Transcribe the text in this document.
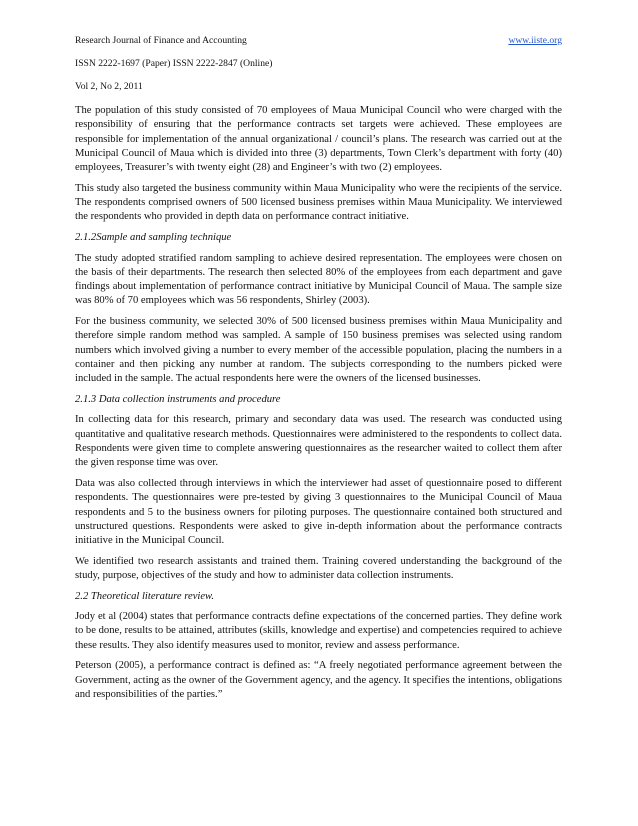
Research Journal of Finance and Accounting	www.iiste.org
ISSN 2222-1697 (Paper) ISSN 2222-2847 (Online)
Vol 2, No 2, 2011

The population of this study consisted of 70 employees of Maua Municipal Council who were charged with the responsibility of ensuring that the performance contracts set targets were achieved. These employees are responsible for implementation of the annual organizational / council’s plans. The research was carried out at the Municipal Council of Maua which is divided into three (3) departments, Town Clerk’s department with forty (40) employees, Treasurer’s with twenty eight (28) and Engineer’s with two (2) employees.

This study also targeted the business community within Maua Municipality who were the recipients of the service. The respondents comprised owners of 500 licensed business premises within Maua Municipality. We interviewed the respondents who provided in depth data on performance contract initiative.

2.1.2Sample and sampling technique

The study adopted stratified random sampling to achieve desired representation. The employees were chosen on the basis of their departments. The research then selected 80% of the employees from each department and gave findings about implementation of performance contract initiative by Municipal Council of Maua. The sample size was 80% of 70 employees which was 56 respondents, Shirley (2003).

For the business community, we selected 30% of 500 licensed business premises within Maua Municipality and therefore simple random method was sampled. A sample of 150 business premises was selected using random numbers which involved giving a number to every member of the accessible population, placing the numbers in a container and then picking any number at random. The subjects corresponding to the numbers picked were included in the sample. The actual respondents here were the owners of the licensed businesses.

2.1.3 Data collection instruments and procedure

In collecting data for this research, primary and secondary data was used. The research was conducted using quantitative and qualitative research methods. Questionnaires were administered to the respondents to collect data. Respondents were given time to complete answering questionnaires as the researcher waited to collect them after the given response time was over.

Data was also collected through interviews in which the interviewer had asset of questionnaire posed to different respondents. The questionnaires were pre-tested by giving 3 questionnaires to the Municipal Council of Maua respondents and 5 to the business owners for piloting purposes. The questionnaire contained both structured and unstructured questions. Respondents were asked to give in-depth information about the performance contracts initiative in the Municipal Council.

We identified two research assistants and trained them. Training covered understanding the background of the study, purpose, objectives of the study and how to administer data collection instruments.

2.2 Theoretical literature review.

Jody et al (2004) states that performance contracts define expectations of the concerned parties. They define work to be done, results to be attained, attributes (skills, knowledge and expertise) and competencies required to achieve these results. They also identify measures used to monitor, review and assess performance.

Peterson (2005), a performance contract is defined as: “A freely negotiated performance agreement between the Government, acting as the owner of the Government agency, and the agency. It specifies the intentions, obligations and responsibilities of the parties.”
